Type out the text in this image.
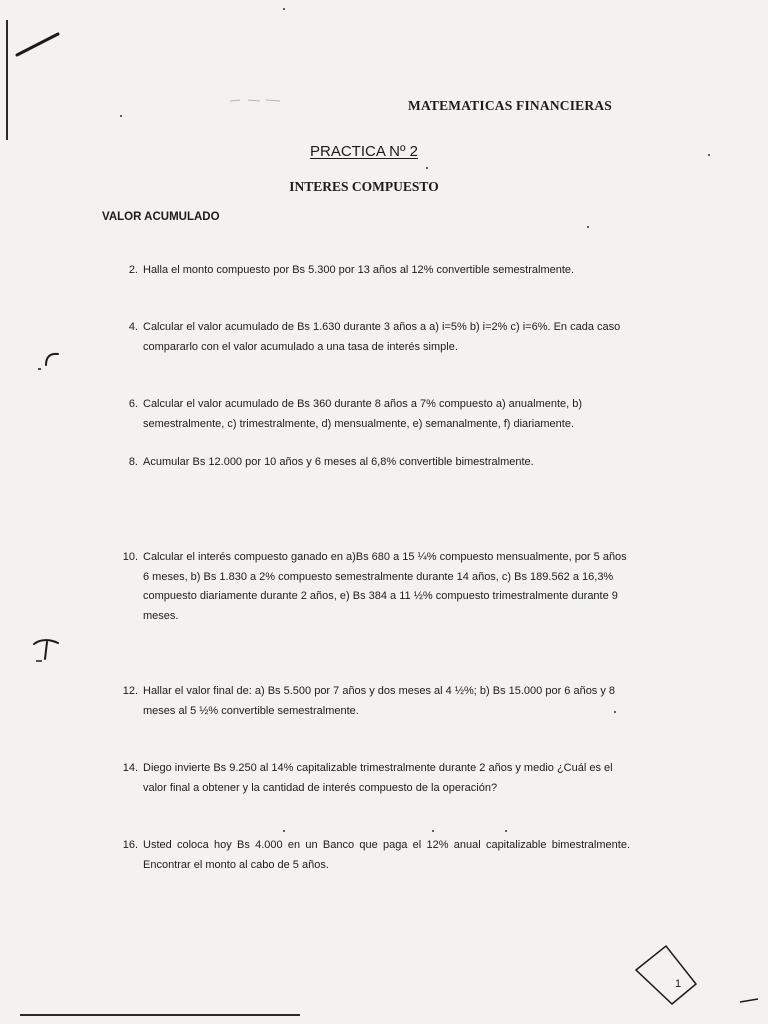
MATEMATICAS FINANCIERAS
PRACTICA Nº 2
INTERES COMPUESTO
VALOR ACUMULADO
2. Halla el monto compuesto por Bs 5.300 por 13 años al 12% convertible semestralmente.
4. Calcular el valor acumulado de Bs 1.630 durante 3 años a a) i=5% b) i=2% c) i=6%. En cada caso compararlo con el valor acumulado a una tasa de interés simple.
6. Calcular el valor acumulado de Bs 360 durante 8 años a 7% compuesto a) anualmente, b) semestralmente, c) trimestralmente, d) mensualmente, e) semanalmente, f) diariamente.
8. Acumular Bs 12.000 por 10 años y 6 meses al 6,8% convertible bimestralmente.
10. Calcular el interés compuesto ganado en a)Bs 680 a 15 ¼% compuesto mensualmente, por 5 años 6 meses, b) Bs 1.830 a 2% compuesto semestralmente durante 14 años, c) Bs 189.562 a 16,3% compuesto diariamente durante 2 años, e) Bs 384 a 11 ½% compuesto trimestralmente durante 9 meses.
12. Hallar el valor final de: a) Bs 5.500 por 7 años y dos meses al 4 ½%; b) Bs 15.000 por 6 años y 8 meses al 5 ½% convertible semestralmente.
14. Diego invierte Bs 9.250 al 14% capitalizable trimestralmente durante 2 años y medio ¿Cuál es el valor final a obtener y la cantidad de interés compuesto de la operación?
16. Usted coloca hoy Bs 4.000 en un Banco que paga el 12% anual capitalizable bimestralmente. Encontrar el monto al cabo de 5 años.
1
